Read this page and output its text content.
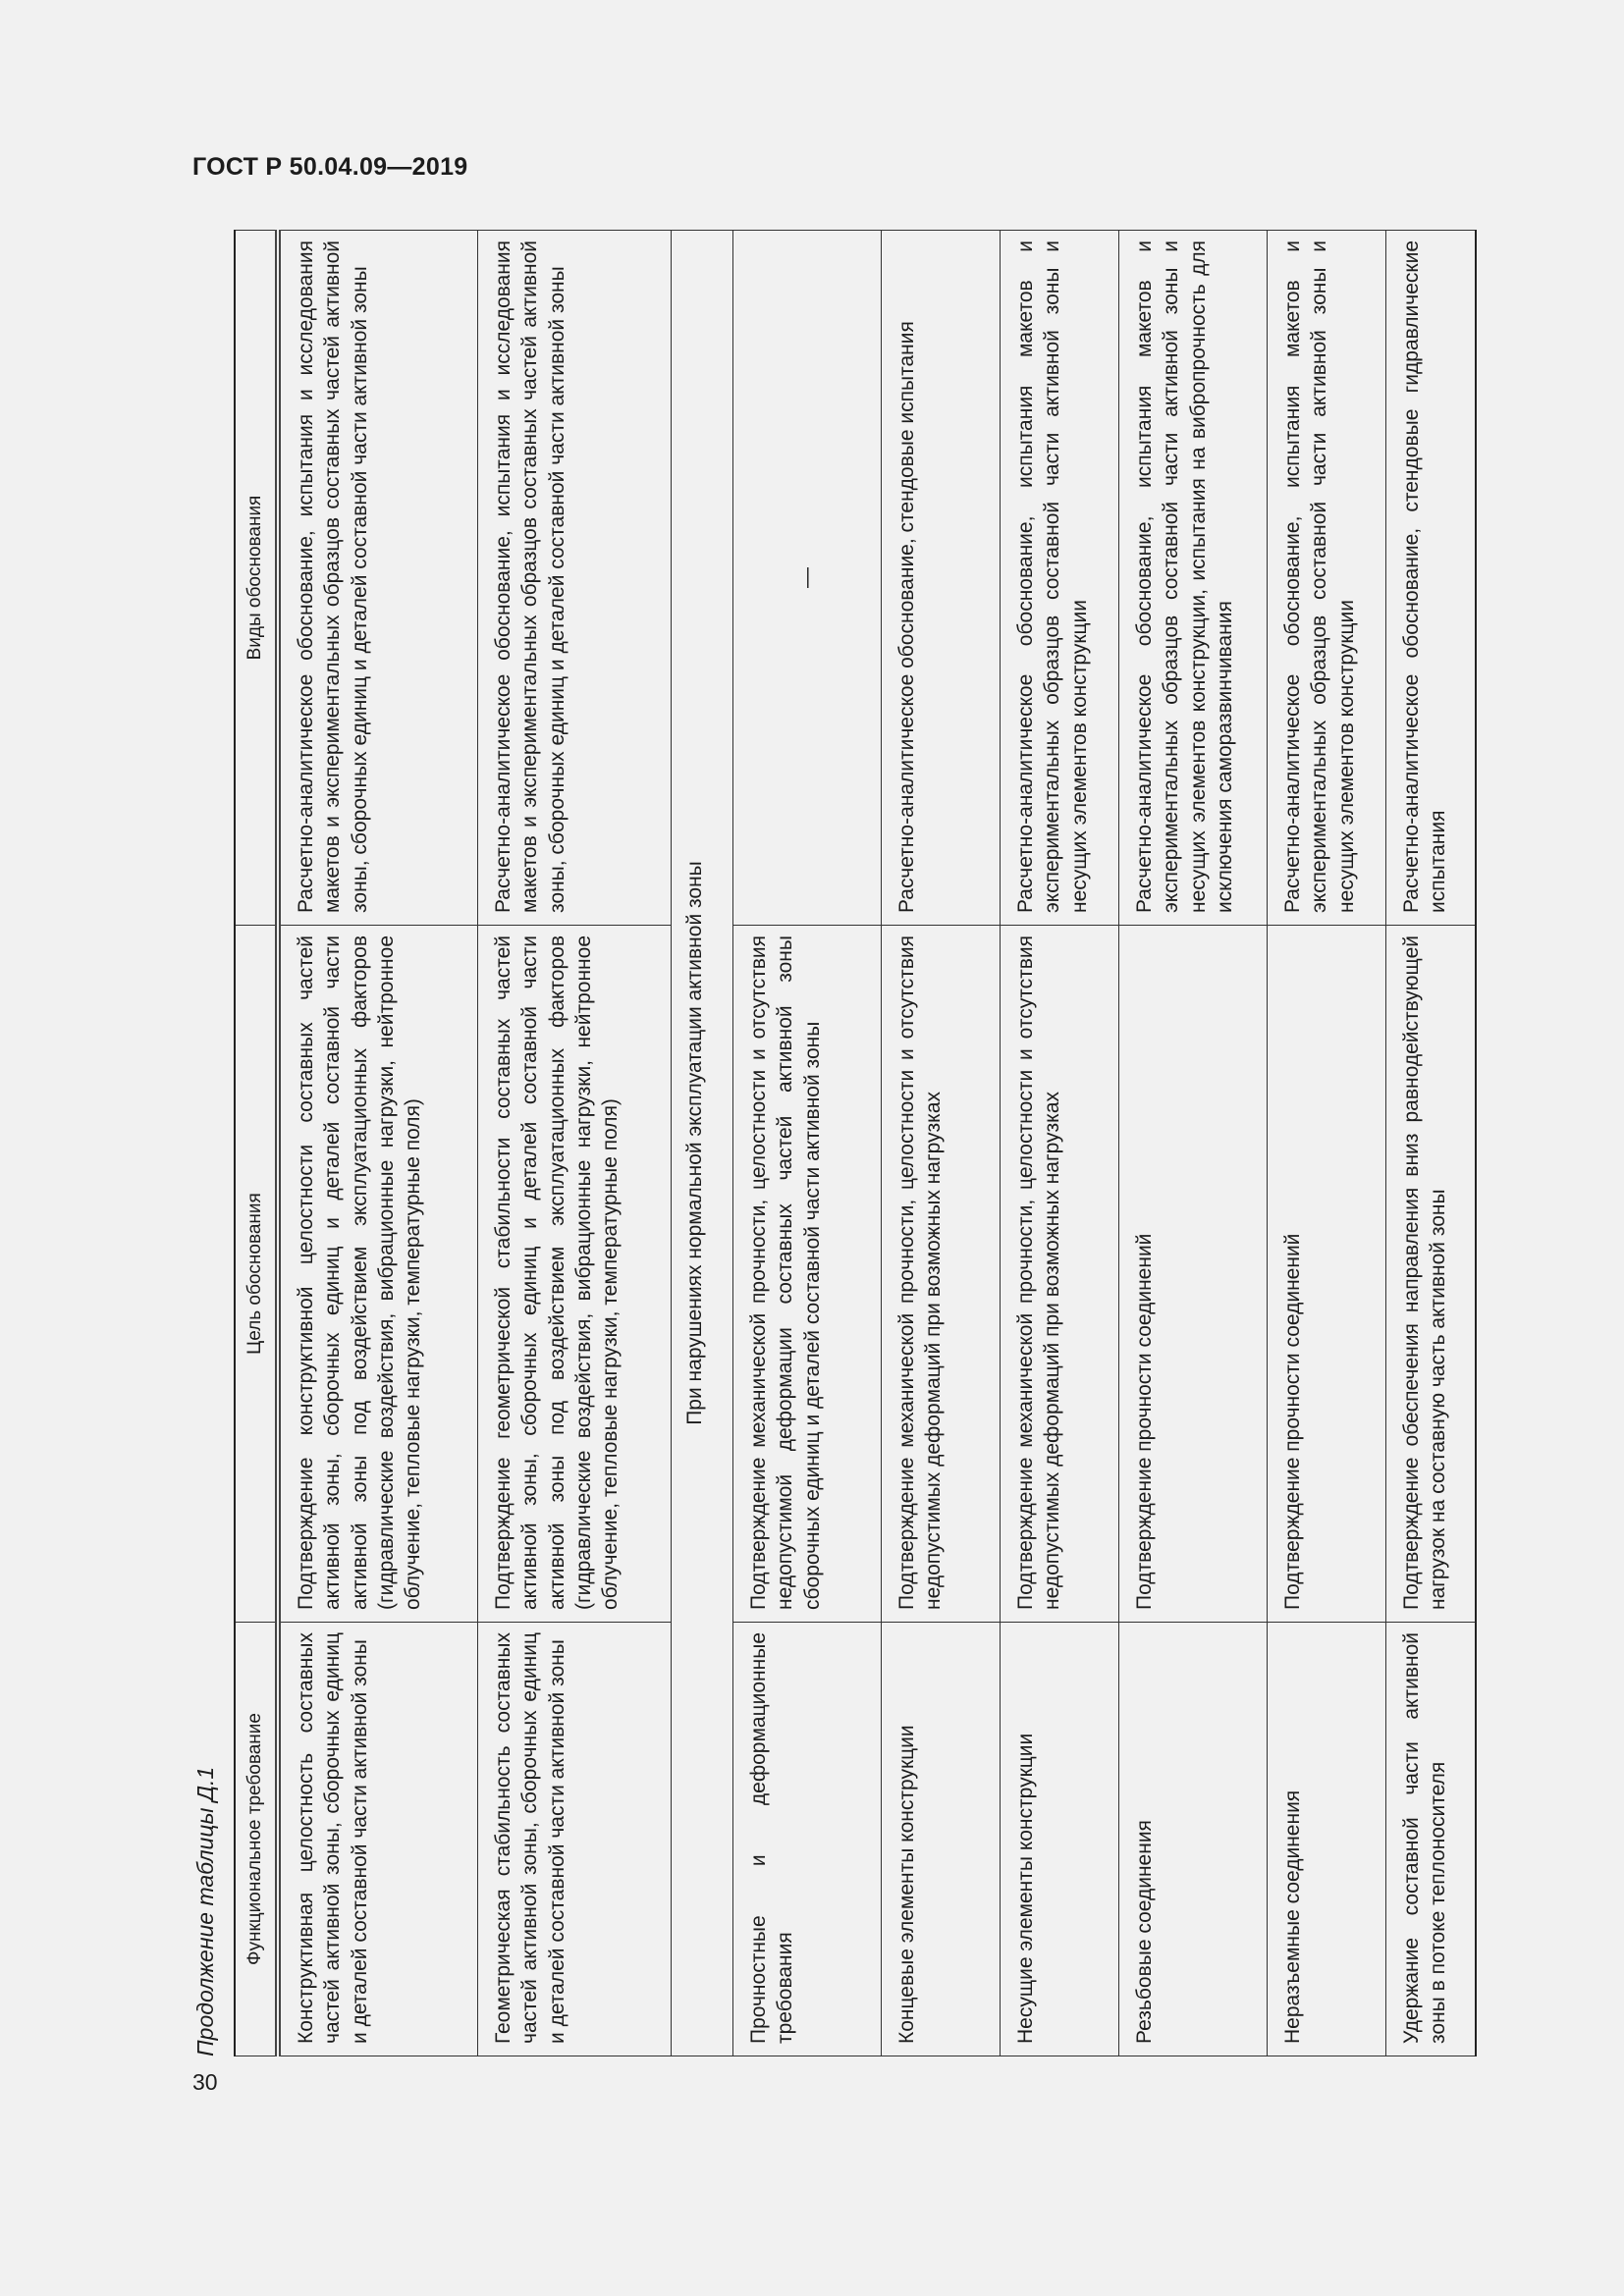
ГОСТ Р 50.04.09—2019
30
Продолжение таблицы Д.1 Функциональное требование	Цель обоснования	Виды обоснования
Конструктивная целостность составных частей активной зоны, сборочных единиц и деталей составной части активной зоны	Подтверждение конструктивной целостности составных частей активной зоны, сборочных единиц и деталей составной части активной зоны под воздействием эксплуатационных факторов (гидравлические воздействия, вибрационные нагрузки, нейтронное облучение, тепловые нагрузки, температурные поля)	Расчетно-аналитическое обоснование, испытания и исследования макетов и экспериментальных образцов составных частей активной зоны, сборочных единиц и деталей составной части активной зоны
Геометрическая стабильность составных частей активной зоны, сборочных единиц и деталей составной части активной зоны	Подтверждение геометрической стабильности составных частей активной зоны, сборочных единиц и деталей составной части активной зоны под воздействием эксплуатационных факторов (гидравлические воздействия, вибрационные нагрузки, нейтронное облучение, тепловые нагрузки, температурные поля)	Расчетно-аналитическое обоснование, испытания и исследования макетов и экспериментальных образцов составных частей активной зоны, сборочных единиц и деталей составной части активной зоны
При нарушениях нормальной эксплуатации активной зоны		
Прочностные и деформационные требования	Подтверждение механической прочности, целостности и отсутствия недопустимой деформации составных частей активной зоны сборочных единиц и деталей составной части активной зоны	—
Концевые элементы конструкции	Подтверждение механической прочности, целостности и отсутствия недопустимых деформаций при возможных нагрузках	Расчетно-аналитическое обоснование, стендовые испытания
Несущие элементы конструкции	Подтверждение механической прочности, целостности и отсутствия недопустимых деформаций при возможных нагрузках	Расчетно-аналитическое обоснование, испытания макетов и экспериментальных образцов составной части активной зоны и несущих элементов конструкции
Резьбовые соединения	Подтверждение прочности соединений	Расчетно-аналитическое обоснование, испытания макетов и экспериментальных образцов составной части активной зоны и несущих элементов конструкции, испытания на вибропрочность для исключения саморазвинчивания
Неразъемные соединения	Подтверждение прочности соединений	Расчетно-аналитическое обоснование, испытания макетов и экспериментальных образцов составной части активной зоны и несущих элементов конструкции
Удержание составной части активной зоны в потоке теплоносителя	Подтверждение обеспечения направления вниз равнодействующей нагрузок на составную часть активной зоны	Расчетно-аналитическое обоснование, стендовые гидравлические испытания
